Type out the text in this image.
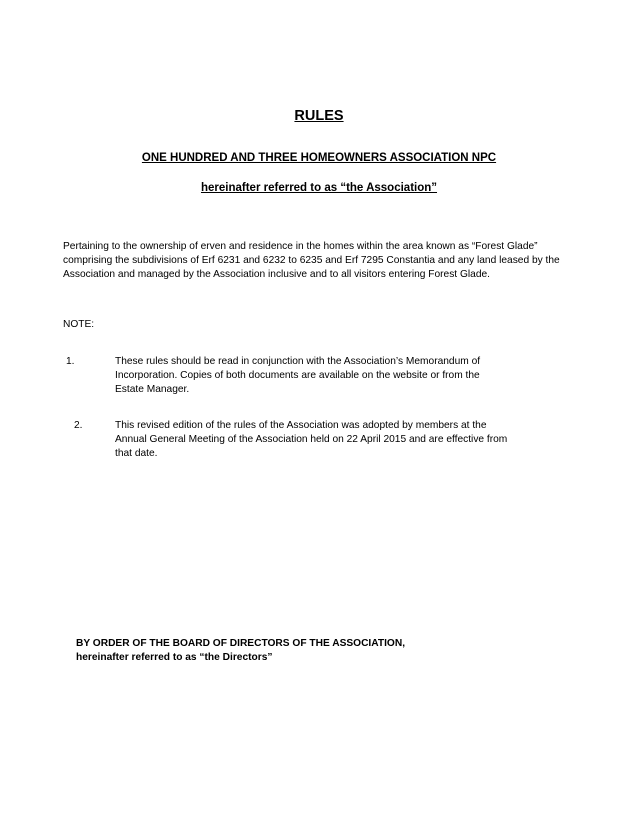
RULES
ONE HUNDRED AND THREE HOMEOWNERS ASSOCIATION NPC
hereinafter referred to as “the Association”
Pertaining to the ownership of erven and residence in the homes within the area known as “Forest Glade”
comprising the subdivisions of Erf 6231 and 6232 to 6235 and Erf 7295 Constantia and any land leased by the
Association and managed by the Association inclusive and to all visitors entering Forest Glade.
NOTE:
1.	These rules should be read in conjunction with the Association’s Memorandum of
Incorporation. Copies of both documents are available on the website or from the
Estate Manager.
2.	This revised edition of the rules of the Association was adopted by members at the
Annual General Meeting of the Association held on 22 April 2015 and are effective from
that date.
BY ORDER OF THE BOARD OF DIRECTORS OF THE ASSOCIATION,
hereinafter referred to as “the Directors”
